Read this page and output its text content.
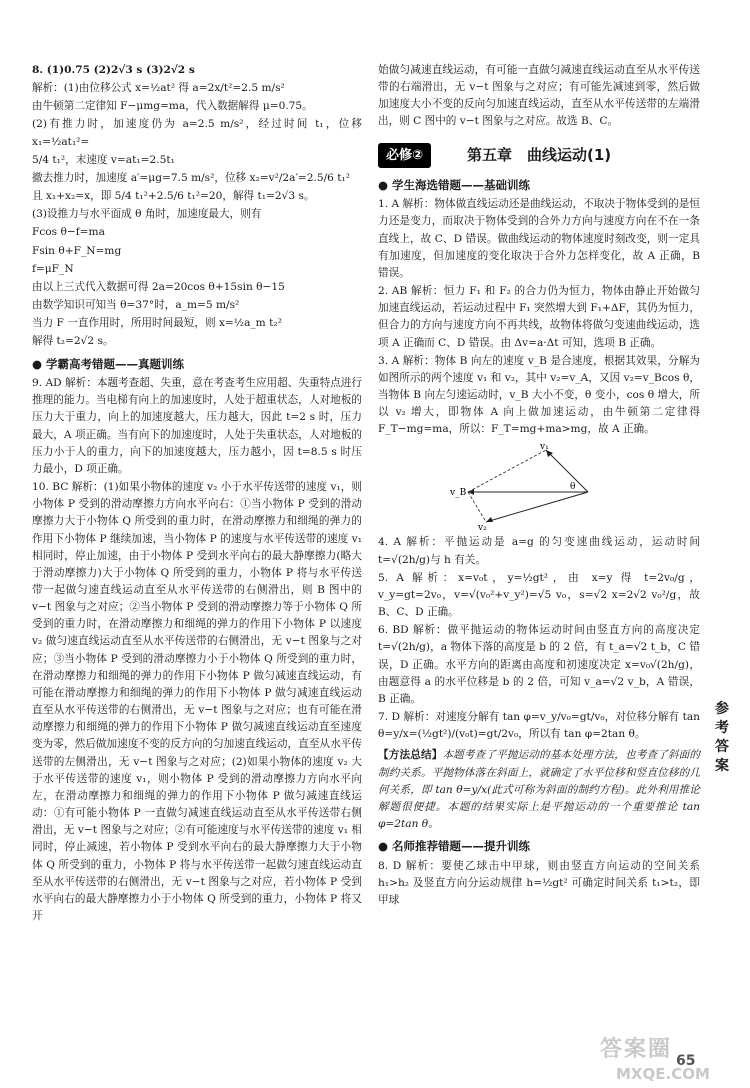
8. (1)0.75 (2)2√3 s (3)2√2 s

解析：(1)由位移公式 x=½at² 得 a=2x/t²=2.5 m/s²

由牛顿第二定律知 F−μmg=ma，代入数据解得 μ=0.75。

(2)有推力时，加速度仍为 a=2.5 m/s²，经过时间 t₁，位移 x₁=½at₁²=

5/4 t₁²，末速度 v=at₁=2.5t₁

撤去推力时，加速度 a′=μg=7.5 m/s²，位移 x₂=v²/2a′=2.5/6 t₁²

且 x₁+x₂=x，即 5/4 t₁²+2.5/6 t₁²=20，解得 t₁=2√3 s。

(3)设推力与水平面成 θ 角时，加速度最大，则有

Fcos θ−f=ma

Fsin θ+F_N=mg

f=μF_N

由以上三式代入数据可得 2a=20cos θ+15sin θ−15

由数学知识可知当 θ=37°时，a_m=5 m/s²

当力 F 一直作用时，所用时间最短，则 x=½a_m t₂²

解得 t₂=2√2 s。

● 学霸高考错题——真题训练

9. AD 解析：本题考查超、失重，意在考查考生应用超、失重特点进行推理的能力。当电梯有向上的加速度时，人处于超重状态，人对地板的压力大于重力，向上的加速度越大，压力越大，因此 t=2 s 时，压力最大，A 项正确。当有向下的加速度时，人处于失重状态，人对地板的压力小于人的重力，向下的加速度越大，压力越小，因 t=8.5 s 时压力最小，D 项正确。

10. BC 解析：(1)如果小物体的速度 v₂ 小于水平传送带的速度 v₁，则小物体 P 受到的滑动摩擦力方向水平向右：①当小物体 P 受到的滑动摩擦力大于小物体 Q 所受到的重力时，在滑动摩擦力和细绳的弹力的作用下小物体 P 继续加速，当小物体 P 的速度与水平传送带的速度 v₁ 相同时，停止加速，由于小物体 P 受到水平向右的最大静摩擦力(略大于滑动摩擦力)大于小物体 Q 所受到的重力，小物体 P 将与水平传送带一起做匀速直线运动直至从水平传送带的右侧滑出，则 B 图中的 v−t 图象与之对应；②当小物体 P 受到的滑动摩擦力等于小物体 Q 所受到的重力时，在滑动摩擦力和细绳的弹力的作用下小物体 P 以速度 v₂ 做匀速直线运动直至从水平传送带的右侧滑出，无 v−t 图象与之对应；③当小物体 P 受到的滑动摩擦力小于小物体 Q 所受到的重力时，在滑动摩擦力和细绳的弹力的作用下小物体 P 做匀减速直线运动，有可能在滑动摩擦力和细绳的弹力的作用下小物体 P 做匀减速直线运动直至从水平传送带的右侧滑出，无 v−t 图象与之对应；也有可能在滑动摩擦力和细绳的弹力的作用下小物体 P 做匀减速直线运动直至速度变为零，然后做加速度不变的反方向的匀加速直线运动，直至从水平传送带的左侧滑出，无 v−t 图象与之对应；(2)如果小物体的速度 v₂ 大于水平传送带的速度 v₁，则小物体 P 受到的滑动摩擦力方向水平向左，在滑动摩擦力和细绳的弹力的作用下小物体 P 做匀减速直线运动：①有可能小物体 P 一直做匀减速直线运动直至从水平传送带右侧滑出，无 v−t 图象与之对应；②有可能速度与水平传送带的速度 v₁ 相同时，停止减速，若小物体 P 受到水平向右的最大静摩擦力大于小物体 Q 所受到的重力，小物体 P 将与水平传送带一起做匀速直线运动直至从水平传送带的右侧滑出，无 v−t 图象与之对应，若小物体 P 受到水平向右的最大静摩擦力小于小物体 Q 所受到的重力，小物体 P 将又开

始做匀减速直线运动，有可能一直做匀减速直线运动直至从水平传送带的右端滑出，无 v−t 图象与之对应；有可能先减速到零，然后做加速度大小不变的反向匀加速直线运动，直至从水平传送带的左端滑出，则 C 图中的 v−t 图象与之对应。故选 B、C。

必修②	第五章　曲线运动(1)
● 学生海选错题——基础训练

1. A 解析：物体做直线运动还是曲线运动，不取决于物体受到的是恒力还是变力，而取决于物体受到的合外力方向与速度方向在不在一条直线上，故 C、D 错误。做曲线运动的物体速度时刻改变，则一定具有加速度，但加速度的变化取决于合外力怎样变化，故 A 正确，B 错误。

2. AB 解析：恒力 F₁ 和 F₂ 的合力仍为恒力，物体由静止开始做匀加速直线运动，若运动过程中 F₁ 突然增大到 F₁+ΔF，其仍为恒力，但合力的方向与速度方向不再共线，故物体将做匀变速曲线运动，选项 A 正确而 C、D 错误。由 Δv=a·Δt 可知，选项 B 正确。

3. A 解析：物体 B 向左的速度 v_B 是合速度，根据其效果，分解为如图所示的两个速度 v₁ 和 v₂，其中 v₂=v_A，又因 v₂=v_Bcos θ，当物体 B 向左匀速运动时，v_B 大小不变，θ 变小，cos θ 增大，所以 v₂ 增大，即物体 A 向上做加速运动，由牛顿第二定律得 F_T−mg=ma，所以：F_T=mg+ma>mg，故 A 正确。

v₁
v_B
v₂
θ

4. A 解析：平抛运动是 a=g 的匀变速曲线运动，运动时间 t=√(2h/g)与 h 有关。

5. A 解析：x=v₀t，y=½gt²，由 x=y 得 t=2v₀/g，v_y=gt=2v₀，v=√(v₀²+v_y²)=√5 v₀，s=√2 x=2√2 v₀²/g，故 B、C、D 正确。

6. BD 解析：做平抛运动的物体运动时间由竖直方向的高度决定 t=√(2h/g)，a 物体下落的高度是 b 的 2 倍，有 t_a=√2 t_b，C 错误，D 正确。水平方向的距离由高度和初速度决定 x=v₀√(2h/g)，由题意得 a 的水平位移是 b 的 2 倍，可知 v_a=√2 v_b，A 错误，B 正确。

7. D 解析：对速度分解有 tan φ=v_y/v₀=gt/v₀，对位移分解有 tan θ=y/x=(½gt²)/(v₀t)=gt/2v₀，所以有 tan φ=2tan θ。

【方法总结】本题考查了平抛运动的基本处理方法，也考查了斜面的制约关系。平抛物体落在斜面上，就确定了水平位移和竖直位移的几何关系，即 tan θ=y/x(此式可称为斜面的制约方程)。此外利用推论解题很便捷。本题的结果实际上是平抛运动的一个重要推论 tan φ=2tan θ。

● 名师推荐错题——提升训练

8. D 解析：要使乙球击中甲球，则由竖直方向运动的空间关系 h₁>h₂ 及竖直方向分运动规律 h=½gt² 可确定时间关系 t₁>t₂，即甲球

参考答案
答案圈
MXQE.COM
65
